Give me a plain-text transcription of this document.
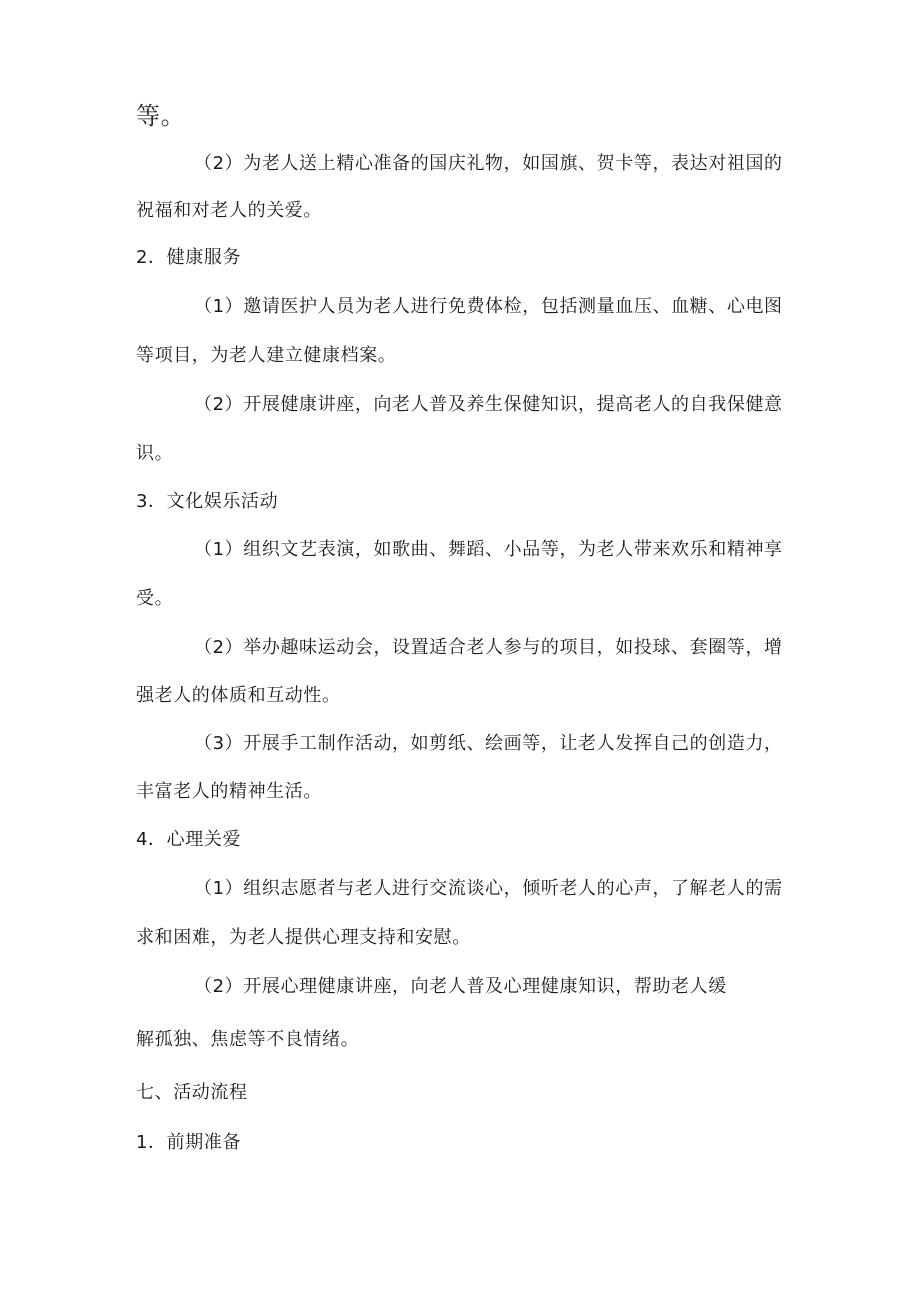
等。
（2）为老人送上精心准备的国庆礼物，如国旗、贺卡等，表达对祖国的
祝福和对老人的关爱。
2．健康服务
（1）邀请医护人员为老人进行免费体检，包括测量血压、血糖、心电图
等项目，为老人建立健康档案。
（2）开展健康讲座，向老人普及养生保健知识，提高老人的自我保健意
识。
3．文化娱乐活动
（1）组织文艺表演，如歌曲、舞蹈、小品等，为老人带来欢乐和精神享
受。
（2）举办趣味运动会，设置适合老人参与的项目，如投球、套圈等，增
强老人的体质和互动性。
（3）开展手工制作活动，如剪纸、绘画等，让老人发挥自己的创造力，
丰富老人的精神生活。
4．心理关爱
（1）组织志愿者与老人进行交流谈心，倾听老人的心声，了解老人的需
求和困难，为老人提供心理支持和安慰。
（2）开展心理健康讲座，向老人普及心理健康知识，帮助老人缓
解孤独、焦虑等不良情绪。
七、活动流程
1．前期准备
